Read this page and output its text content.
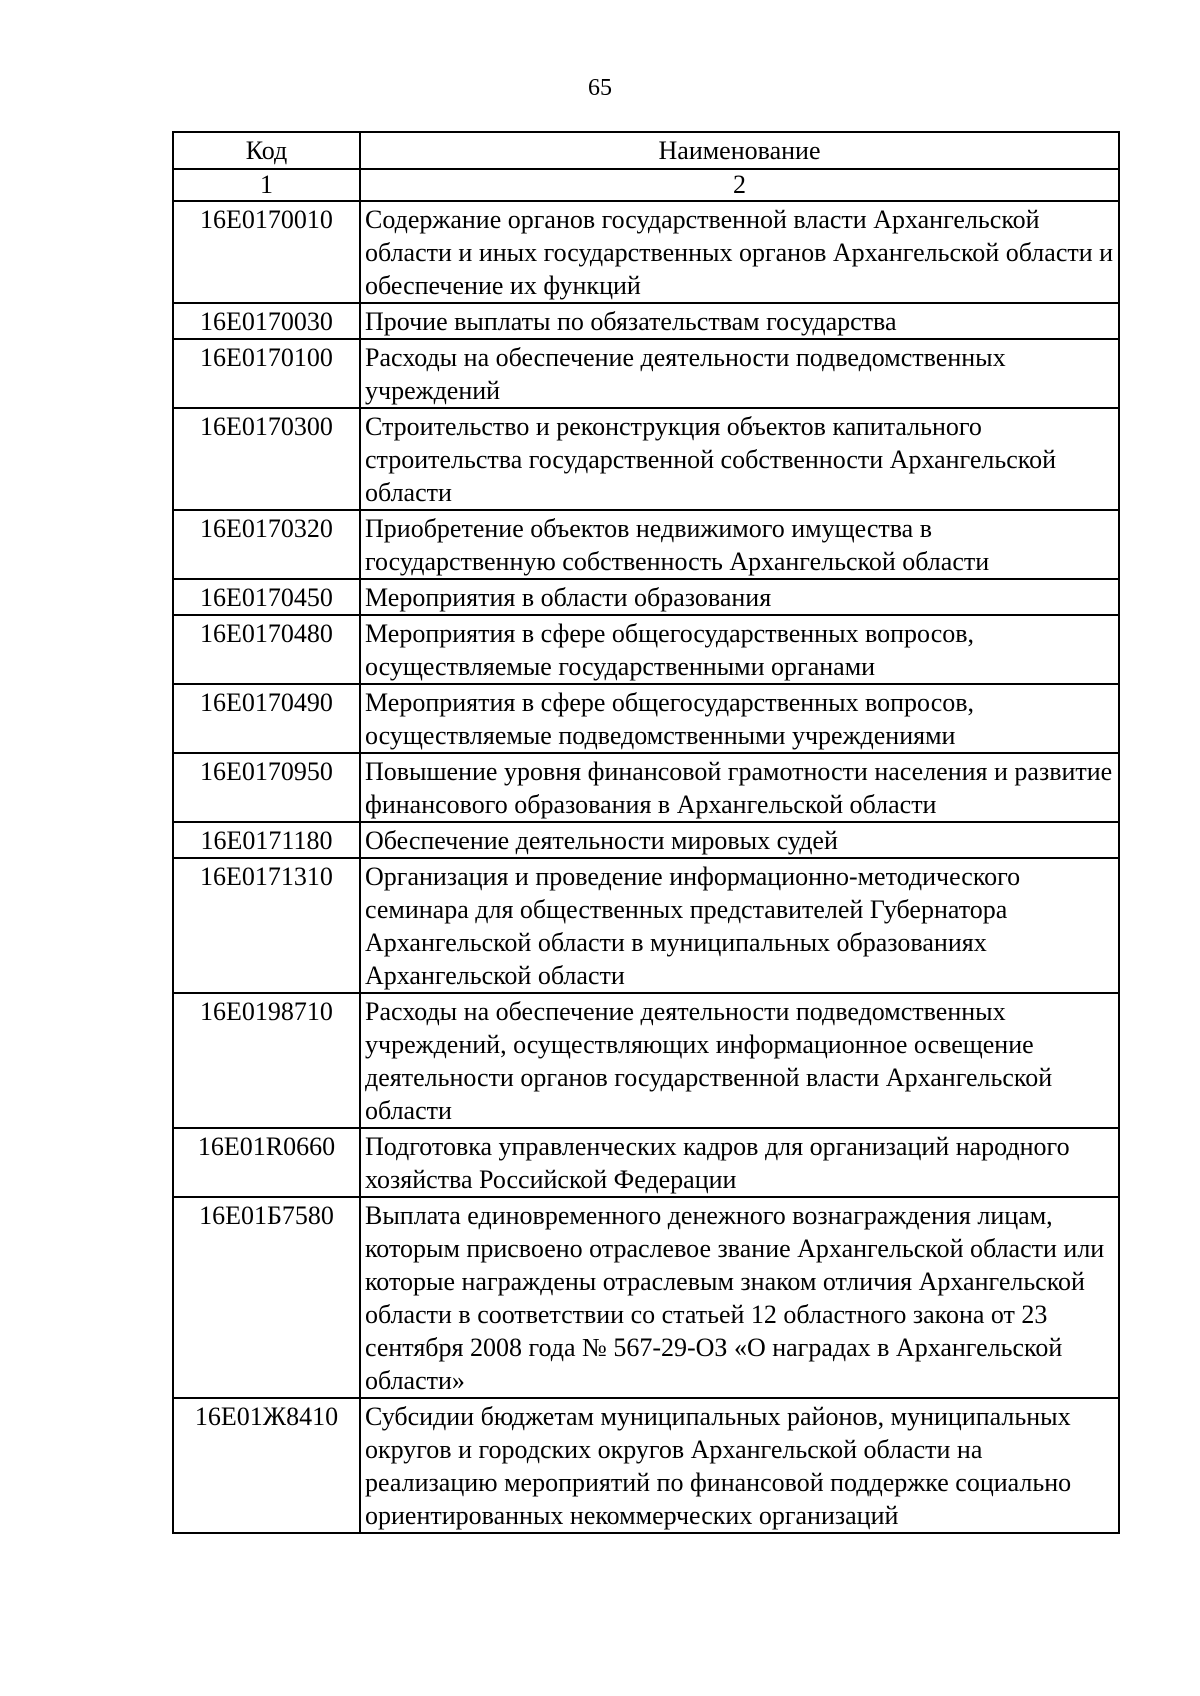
65
Код	Наименование
1	2
16Е0170010	Содержание органов государственной власти Архангельской области и иных государственных органов Архангельской области и обеспечение их функций
16Е0170030	Прочие выплаты по обязательствам государства
16Е0170100	Расходы на обеспечение деятельности подведомственных учреждений
16Е0170300	Строительство и реконструкция объектов капитального строительства государственной собственности Архангельской области
16Е0170320	Приобретение объектов недвижимого имущества в государственную собственность Архангельской области
16Е0170450	Мероприятия в области образования
16Е0170480	Мероприятия в сфере общегосударственных вопросов, осуществляемые государственными органами
16Е0170490	Мероприятия в сфере общегосударственных вопросов, осуществляемые подведомственными учреждениями
16Е0170950	Повышение уровня финансовой грамотности населения и развитие финансового образования в Архангельской области
16Е0171180	Обеспечение деятельности мировых судей
16Е0171310	Организация и проведение информационно-методического семинара для общественных представителей Губернатора Архангельской области в муниципальных образованиях Архангельской области
16Е0198710	Расходы на обеспечение деятельности подведомственных учреждений, осуществляющих информационное освещение деятельности органов государственной власти Архангельской области
16Е01R0660	Подготовка управленческих кадров для организаций народного хозяйства Российской Федерации
16Е01Б7580	Выплата единовременного денежного вознаграждения лицам, которым присвоено отраслевое звание Архангельской области или которые награждены отраслевым знаком отличия Архангельской области в соответствии со статьей 12 областного закона от 23 сентября 2008 года № 567-29-ОЗ «О наградах в Архангельской области»
16Е01Ж8410	Субсидии бюджетам муниципальных районов, муниципальных округов и городских округов Архангельской области на реализацию мероприятий по финансовой поддержке социально ориентированных некоммерческих организаций
